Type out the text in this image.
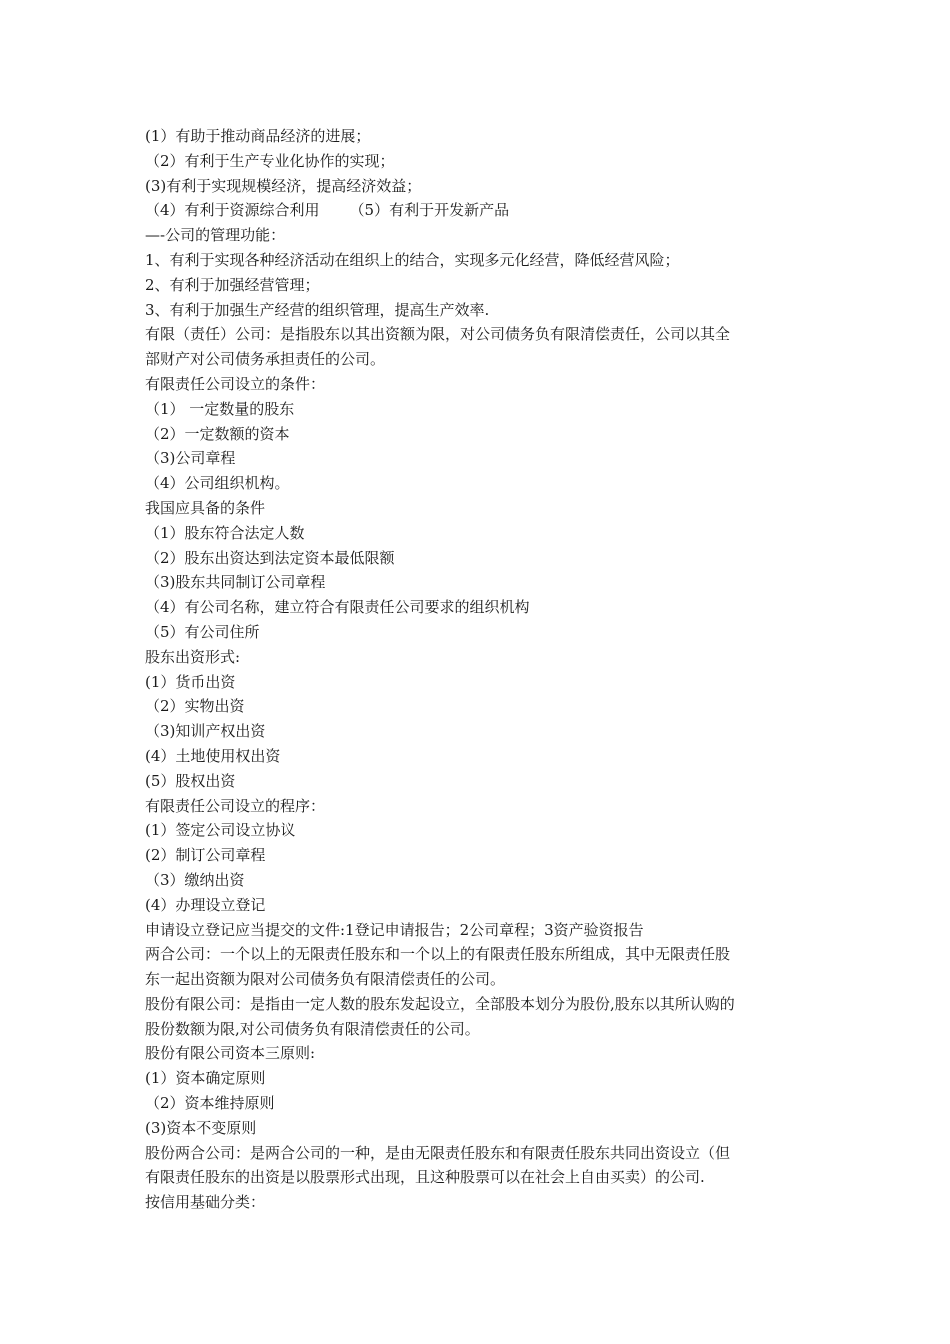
(1）有助于推动商品经济的进展；
（2）有利于生产专业化协作的实现；
(3)有利于实现规模经济，提高经济效益；
（4）有利于资源综合利用 （5）有利于开发新产品
—-公司的管理功能：
1、有利于实现各种经济活动在组织上的结合，实现多元化经营，降低经营风险；
2、有利于加强经营管理；
3、有利于加强生产经营的组织管理，提高生产效率.
有限（责任）公司：是指股东以其出资额为限，对公司债务负有限清偿责任，公司以其全
部财产对公司债务承担责任的公司。
有限责任公司设立的条件：
（1） 一定数量的股东
（2）一定数额的资本
（3)公司章程
（4）公司组织机构。
我国应具备的条件
（1）股东符合法定人数
（2）股东出资达到法定资本最低限额
（3)股东共同制订公司章程
（4）有公司名称，建立符合有限责任公司要求的组织机构
（5）有公司住所
股东出资形式:
(1）货币出资
（2）实物出资
（3)知训产权出资
(4）土地使用权出资
(5）股权出资
有限责任公司设立的程序：
(1）签定公司设立协议
(2）制订公司章程
（3）缴纳出资
(4）办理设立登记
申请设立登记应当提交的文件:1登记申请报告；2公司章程；3资产验资报告
两合公司：一个以上的无限责任股东和一个以上的有限责任股东所组成，其中无限责任股
东一起出资额为限对公司债务负有限清偿责任的公司。
股份有限公司：是指由一定人数的股东发起设立，全部股本划分为股份,股东以其所认购的
股份数额为限,对公司债务负有限清偿责任的公司。
股份有限公司资本三原则:
(1）资本确定原则
（2）资本维持原则
(3)资本不变原则
股份两合公司：是两合公司的一种，是由无限责任股东和有限责任股东共同出资设立（但
有限责任股东的出资是以股票形式出现，且这种股票可以在社会上自由买卖）的公司.
按信用基础分类：
